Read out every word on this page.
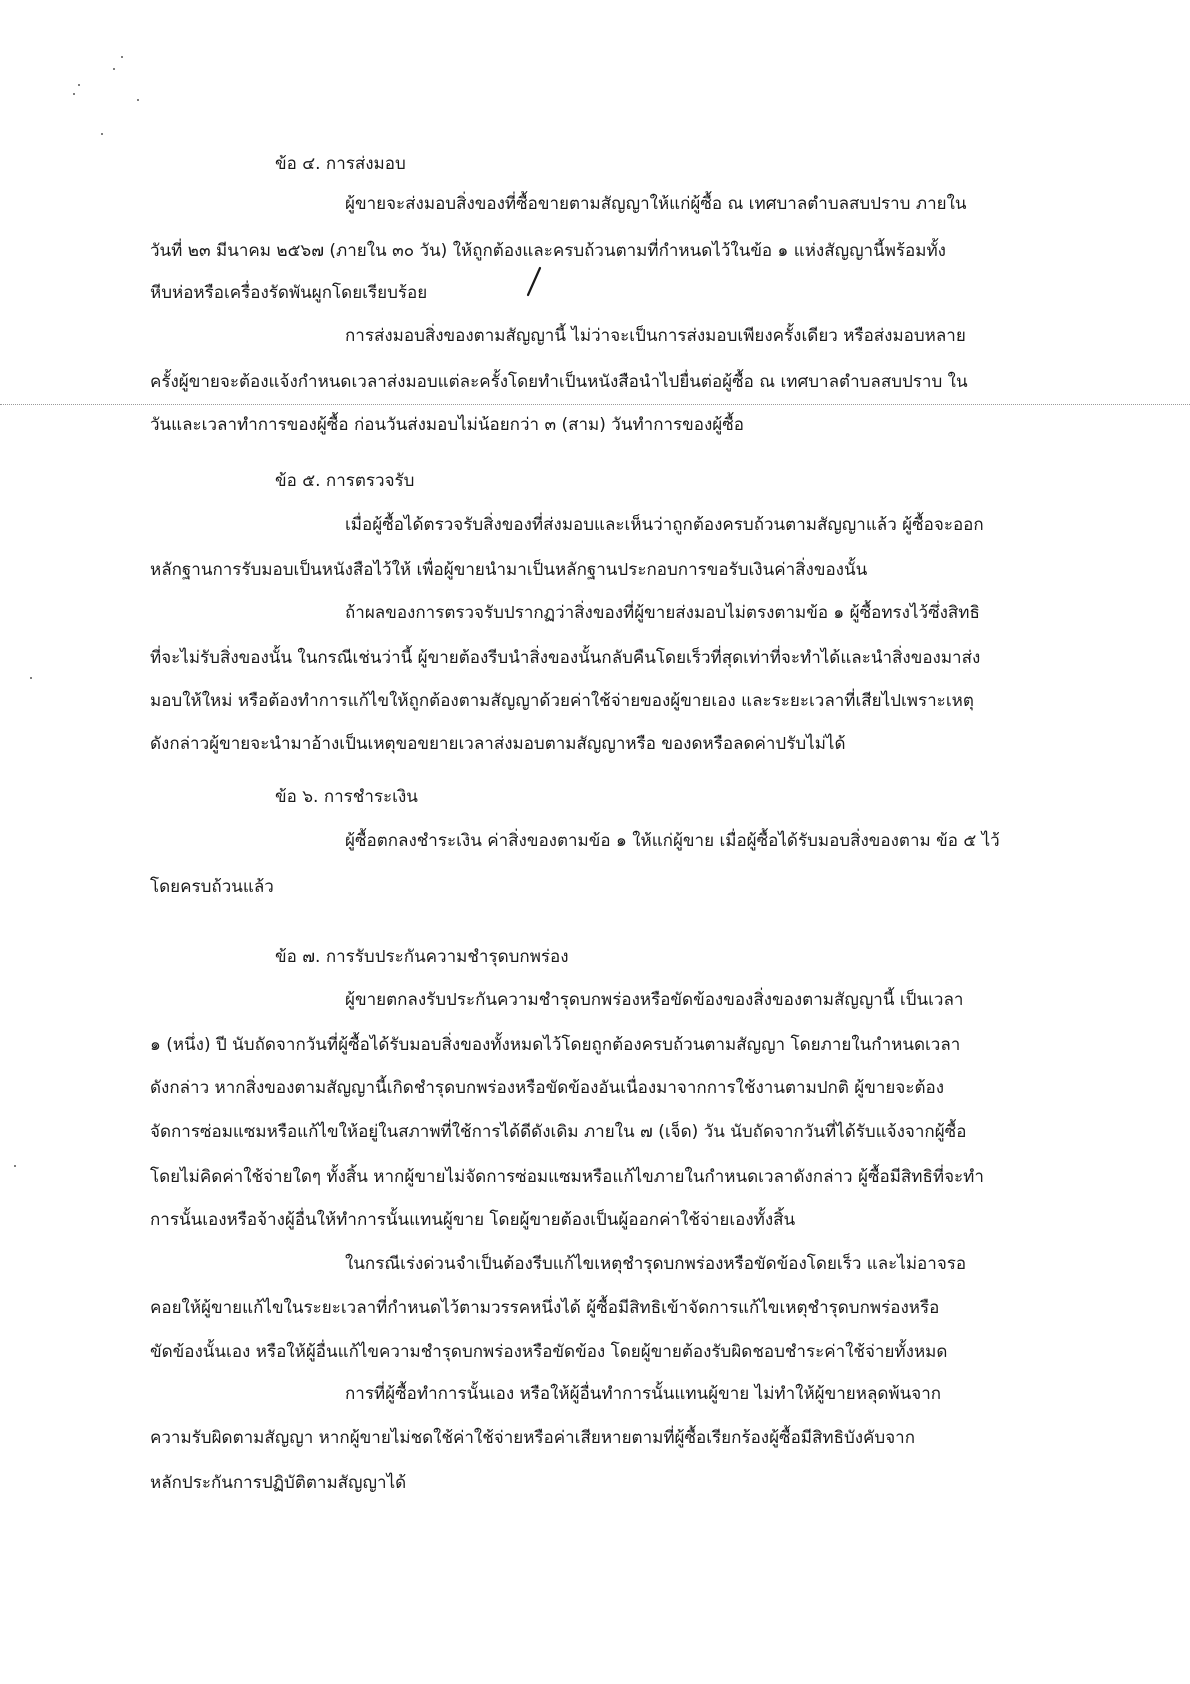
ข้อ ๔. การส่งมอบ
ผู้ขายจะส่งมอบสิ่งของที่ซื้อขายตามสัญญาให้แก่ผู้ซื้อ ณ เทศบาลตำบลสบปราบ ภายใน
วันที่ ๒๓ มีนาคม ๒๕๖๗ (ภายใน ๓๐ วัน) ให้ถูกต้องและครบถ้วนตามที่กำหนดไว้ในข้อ ๑ แห่งสัญญานี้พร้อมทั้ง
หีบห่อหรือเครื่องรัดพันผูกโดยเรียบร้อย
การส่งมอบสิ่งของตามสัญญานี้ ไม่ว่าจะเป็นการส่งมอบเพียงครั้งเดียว หรือส่งมอบหลาย
ครั้งผู้ขายจะต้องแจ้งกำหนดเวลาส่งมอบแต่ละครั้งโดยทำเป็นหนังสือนำไปยื่นต่อผู้ซื้อ ณ เทศบาลตำบลสบปราบ ใน
วันและเวลาทำการของผู้ซื้อ ก่อนวันส่งมอบไม่น้อยกว่า ๓ (สาม) วันทำการของผู้ซื้อ
ข้อ ๕. การตรวจรับ
เมื่อผู้ซื้อได้ตรวจรับสิ่งของที่ส่งมอบและเห็นว่าถูกต้องครบถ้วนตามสัญญาแล้ว ผู้ซื้อจะออก
หลักฐานการรับมอบเป็นหนังสือไว้ให้ เพื่อผู้ขายนำมาเป็นหลักฐานประกอบการขอรับเงินค่าสิ่งของนั้น
ถ้าผลของการตรวจรับปรากฏว่าสิ่งของที่ผู้ขายส่งมอบไม่ตรงตามข้อ ๑ ผู้ซื้อทรงไว้ซึ่งสิทธิ
ที่จะไม่รับสิ่งของนั้น ในกรณีเช่นว่านี้ ผู้ขายต้องรีบนำสิ่งของนั้นกลับคืนโดยเร็วที่สุดเท่าที่จะทำได้และนำสิ่งของมาส่ง
มอบให้ใหม่ หรือต้องทำการแก้ไขให้ถูกต้องตามสัญญาด้วยค่าใช้จ่ายของผู้ขายเอง และระยะเวลาที่เสียไปเพราะเหตุ
ดังกล่าวผู้ขายจะนำมาอ้างเป็นเหตุขอขยายเวลาส่งมอบตามสัญญาหรือ ของดหรือลดค่าปรับไม่ได้
ข้อ ๖. การชำระเงิน
ผู้ซื้อตกลงชำระเงิน ค่าสิ่งของตามข้อ ๑ ให้แก่ผู้ขาย เมื่อผู้ซื้อได้รับมอบสิ่งของตาม ข้อ ๕ ไว้
โดยครบถ้วนแล้ว
ข้อ ๗. การรับประกันความชำรุดบกพร่อง
ผู้ขายตกลงรับประกันความชำรุดบกพร่องหรือขัดข้องของสิ่งของตามสัญญานี้ เป็นเวลา
๑ (หนึ่ง) ปี นับถัดจากวันที่ผู้ซื้อได้รับมอบสิ่งของทั้งหมดไว้โดยถูกต้องครบถ้วนตามสัญญา โดยภายในกำหนดเวลา
ดังกล่าว หากสิ่งของตามสัญญานี้เกิดชำรุดบกพร่องหรือขัดข้องอันเนื่องมาจากการใช้งานตามปกติ ผู้ขายจะต้อง
จัดการซ่อมแซมหรือแก้ไขให้อยู่ในสภาพที่ใช้การได้ดีดังเดิม ภายใน ๗ (เจ็ด) วัน นับถัดจากวันที่ได้รับแจ้งจากผู้ซื้อ
โดยไม่คิดค่าใช้จ่ายใดๆ ทั้งสิ้น หากผู้ขายไม่จัดการซ่อมแซมหรือแก้ไขภายในกำหนดเวลาดังกล่าว ผู้ซื้อมีสิทธิที่จะทำ
การนั้นเองหรือจ้างผู้อื่นให้ทำการนั้นแทนผู้ขาย โดยผู้ขายต้องเป็นผู้ออกค่าใช้จ่ายเองทั้งสิ้น
ในกรณีเร่งด่วนจำเป็นต้องรีบแก้ไขเหตุชำรุดบกพร่องหรือขัดข้องโดยเร็ว และไม่อาจรอ
คอยให้ผู้ขายแก้ไขในระยะเวลาที่กำหนดไว้ตามวรรคหนึ่งได้ ผู้ซื้อมีสิทธิเข้าจัดการแก้ไขเหตุชำรุดบกพร่องหรือ
ขัดข้องนั้นเอง หรือให้ผู้อื่นแก้ไขความชำรุดบกพร่องหรือขัดข้อง โดยผู้ขายต้องรับผิดชอบชำระค่าใช้จ่ายทั้งหมด
การที่ผู้ซื้อทำการนั้นเอง หรือให้ผู้อื่นทำการนั้นแทนผู้ขาย ไม่ทำให้ผู้ขายหลุดพ้นจาก
ความรับผิดตามสัญญา หากผู้ขายไม่ชดใช้ค่าใช้จ่ายหรือค่าเสียหายตามที่ผู้ซื้อเรียกร้องผู้ซื้อมีสิทธิบังคับจาก
หลักประกันการปฏิบัติตามสัญญาได้
